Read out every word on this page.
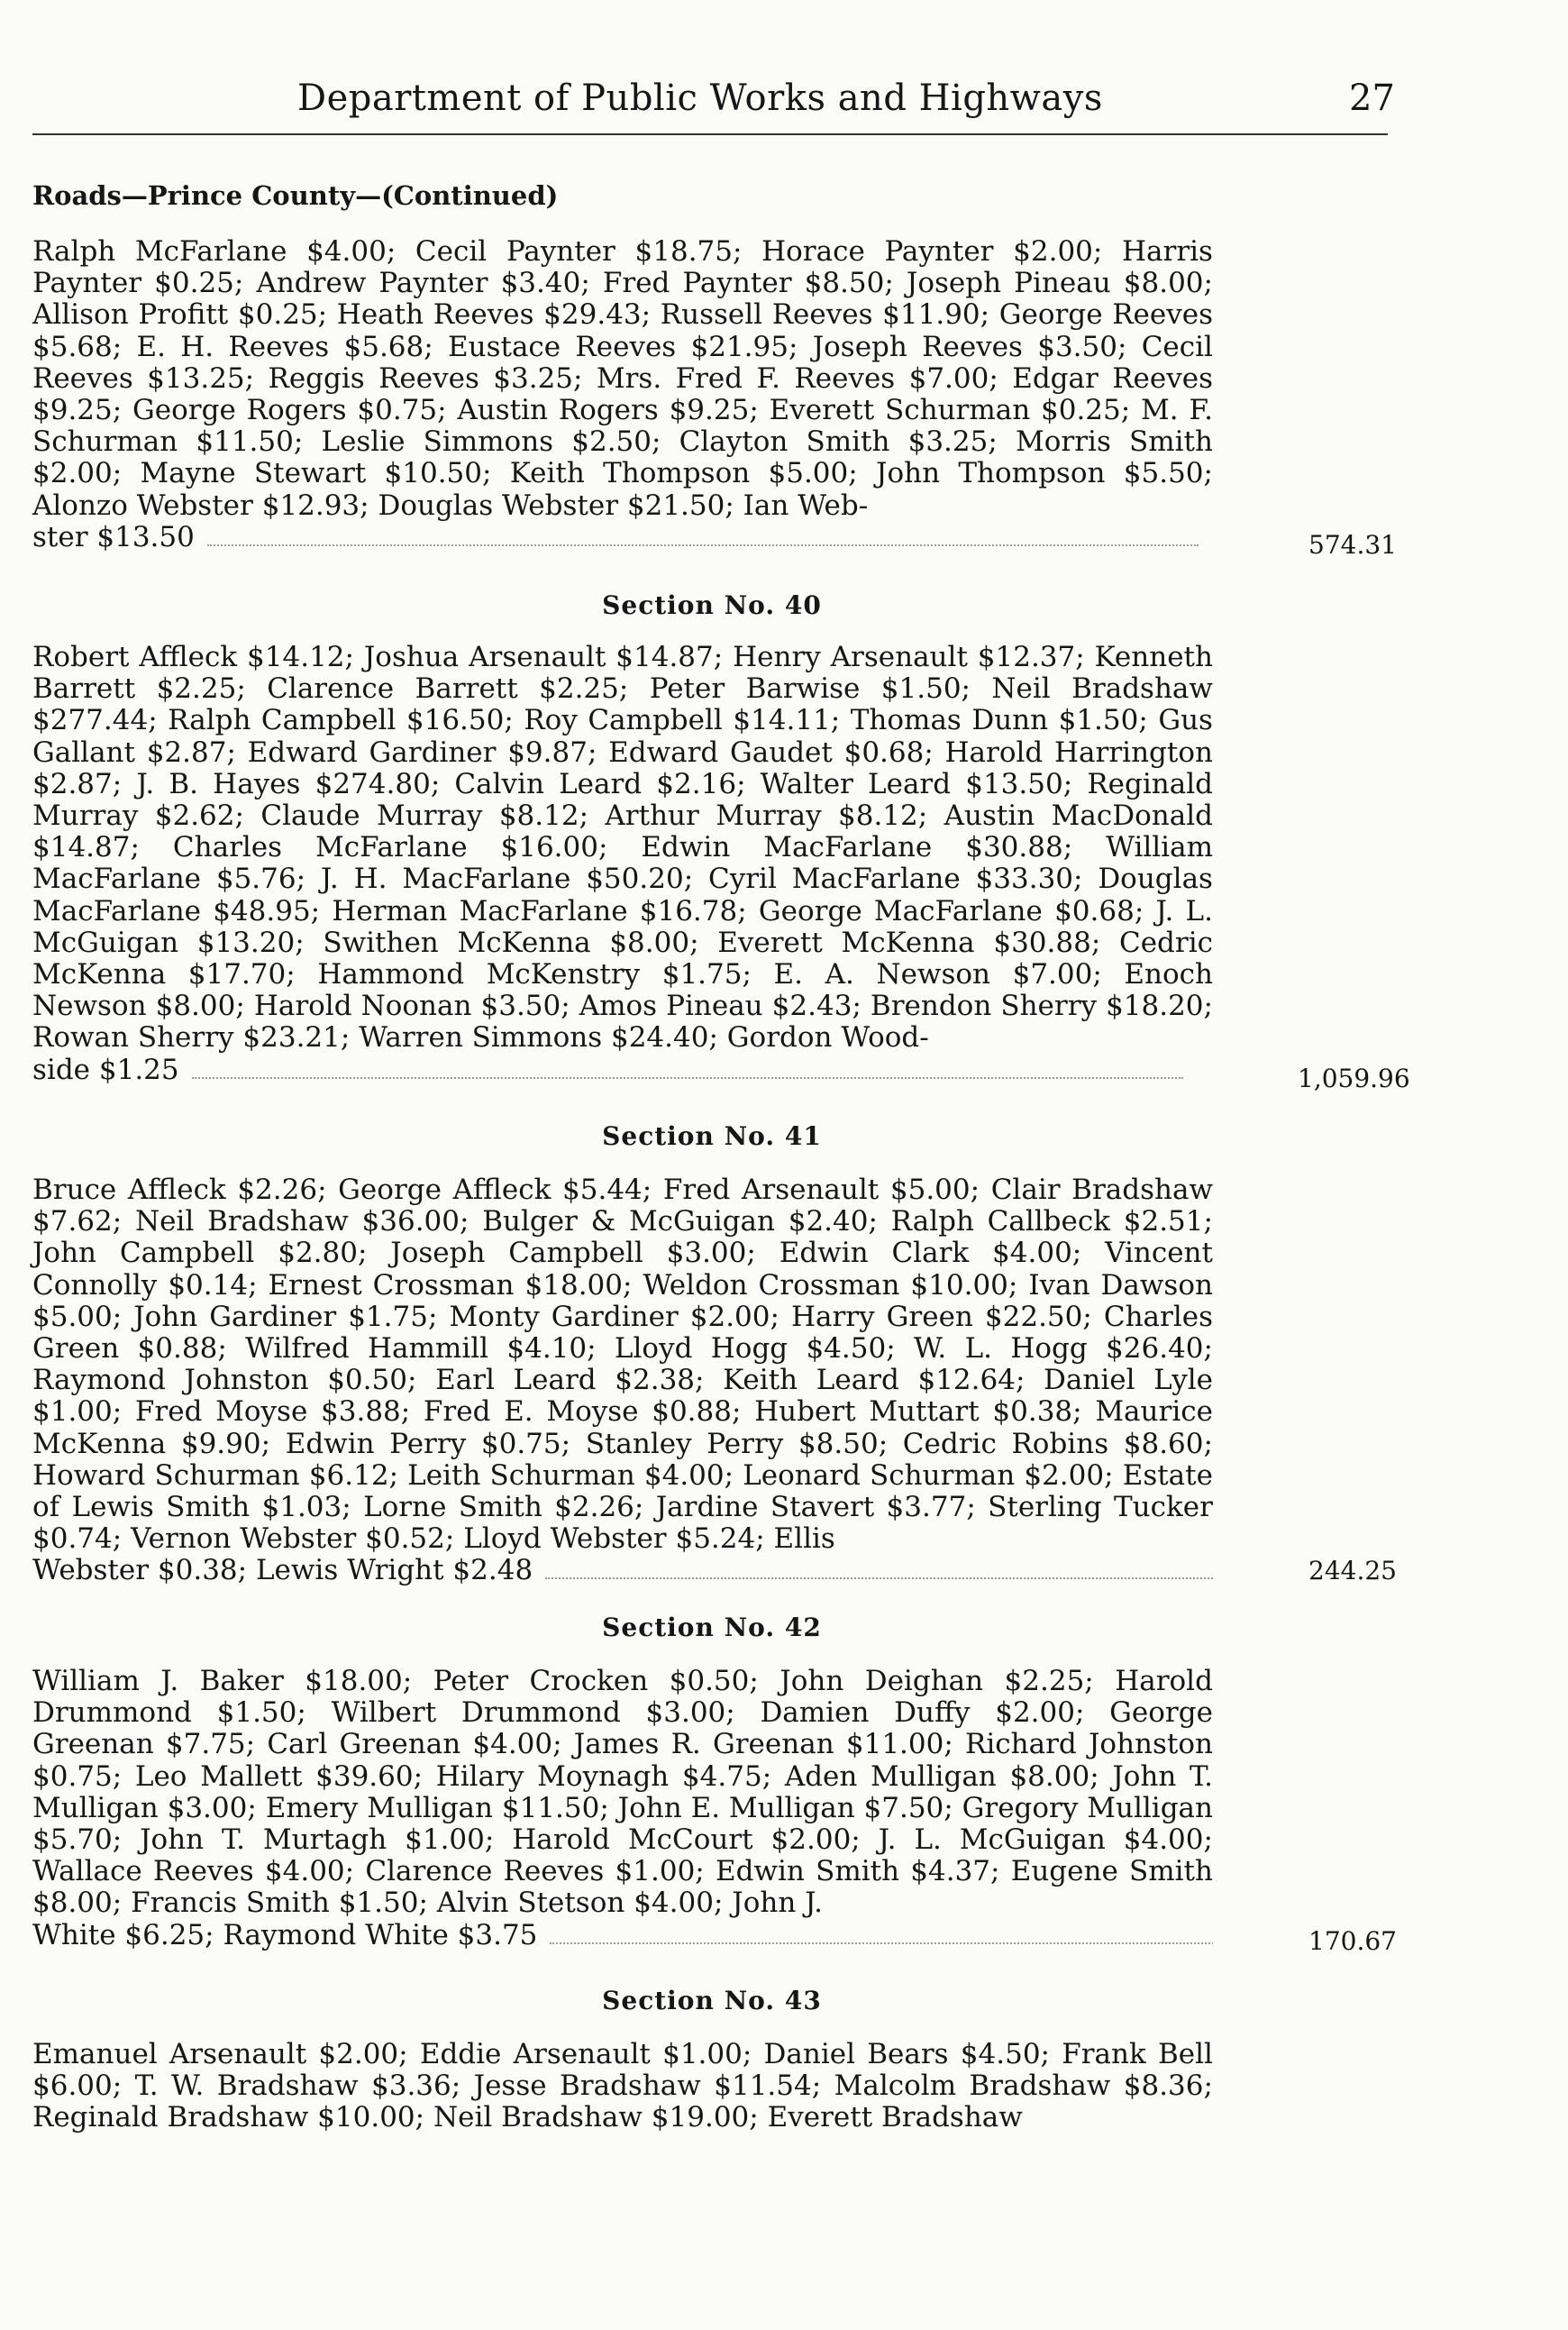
Department of Public Works and Highways	27
Roads—Prince County—(Continued)

Ralph McFarlane $4.00; Cecil Paynter $18.75; Horace Paynter $2.00; Harris Paynter $0.25; Andrew Paynter $3.40; Fred Paynter $8.50; Joseph Pineau $8.00; Allison Profitt $0.25; Heath Reeves $29.43; Russell Reeves $11.90; George Reeves $5.68; E. H. Reeves $5.68; Eustace Reeves $21.95; Joseph Reeves $3.50; Cecil Reeves $13.25; Reggis Reeves $3.25; Mrs. Fred F. Reeves $7.00; Edgar Reeves $9.25; George Rogers $0.75; Austin Rogers $9.25; Everett Schurman $0.25; M. F. Schurman $11.50; Leslie Simmons $2.50; Clayton Smith $3.25; Morris Smith $2.00; Mayne Stewart $10.50; Keith Thompson $5.00; John Thompson $5.50; Alonzo Webster $12.93; Douglas Webster $21.50; Ian Web-

ster $13.50	574.31
Section No. 40

Robert Affleck $14.12; Joshua Arsenault $14.87; Henry Arsenault $12.37; Kenneth Barrett $2.25; Clarence Barrett $2.25; Peter Barwise $1.50; Neil Bradshaw $277.44; Ralph Campbell $16.50; Roy Campbell $14.11; Thomas Dunn $1.50; Gus Gallant $2.87; Edward Gardiner $9.87; Edward Gaudet $0.68; Harold Harrington $2.87; J. B. Hayes $274.80; Calvin Leard $2.16; Walter Leard $13.50; Reginald Murray $2.62; Claude Murray $8.12; Arthur Murray $8.12; Austin MacDonald $14.87; Charles McFarlane $16.00; Edwin MacFarlane $30.88; William MacFarlane $5.76; J. H. MacFarlane $50.20; Cyril MacFarlane $33.30; Douglas MacFarlane $48.95; Herman MacFarlane $16.78; George MacFarlane $0.68; J. L. McGuigan $13.20; Swithen McKenna $8.00; Everett McKenna $30.88; Cedric McKenna $17.70; Hammond McKenstry $1.75; E. A. Newson $7.00; Enoch Newson $8.00; Harold Noonan $3.50; Amos Pineau $2.43; Brendon Sherry $18.20; Rowan Sherry $23.21; Warren Simmons $24.40; Gordon Wood-

side $1.25	1,059.96
Section No. 41

Bruce Affleck $2.26; George Affleck $5.44; Fred Arsenault $5.00; Clair Bradshaw $7.62; Neil Bradshaw $36.00; Bulger & McGuigan $2.40; Ralph Callbeck $2.51; John Campbell $2.80; Joseph Campbell $3.00; Edwin Clark $4.00; Vincent Connolly $0.14; Ernest Crossman $18.00; Weldon Crossman $10.00; Ivan Dawson $5.00; John Gardiner $1.75; Monty Gardiner $2.00; Harry Green $22.50; Charles Green $0.88; Wilfred Hammill $4.10; Lloyd Hogg $4.50; W. L. Hogg $26.40; Raymond Johnston $0.50; Earl Leard $2.38; Keith Leard $12.64; Daniel Lyle $1.00; Fred Moyse $3.88; Fred E. Moyse $0.88; Hubert Muttart $0.38; Maurice McKenna $9.90; Edwin Perry $0.75; Stanley Perry $8.50; Cedric Robins $8.60; Howard Schurman $6.12; Leith Schurman $4.00; Leonard Schurman $2.00; Estate of Lewis Smith $1.03; Lorne Smith $2.26; Jardine Stavert $3.77; Sterling Tucker $0.74; Vernon Webster $0.52; Lloyd Webster $5.24; Ellis

Webster $0.38; Lewis Wright $2.48	244.25
Section No. 42

William J. Baker $18.00; Peter Crocken $0.50; John Deighan $2.25; Harold Drummond $1.50; Wilbert Drummond $3.00; Damien Duffy $2.00; George Greenan $7.75; Carl Greenan $4.00; James R. Greenan $11.00; Richard Johnston $0.75; Leo Mallett $39.60; Hilary Moynagh $4.75; Aden Mulligan $8.00; John T. Mulligan $3.00; Emery Mulligan $11.50; John E. Mulligan $7.50; Gregory Mulligan $5.70; John T. Murtagh $1.00; Harold McCourt $2.00; J. L. McGuigan $4.00; Wallace Reeves $4.00; Clarence Reeves $1.00; Edwin Smith $4.37; Eugene Smith $8.00; Francis Smith $1.50; Alvin Stetson $4.00; John J.

White $6.25; Raymond White $3.75	170.67
Section No. 43

Emanuel Arsenault $2.00; Eddie Arsenault $1.00; Daniel Bears $4.50; Frank Bell $6.00; T. W. Bradshaw $3.36; Jesse Bradshaw $11.54; Malcolm Bradshaw $8.36; Reginald Bradshaw $10.00; Neil Bradshaw $19.00; Everett Bradshaw
